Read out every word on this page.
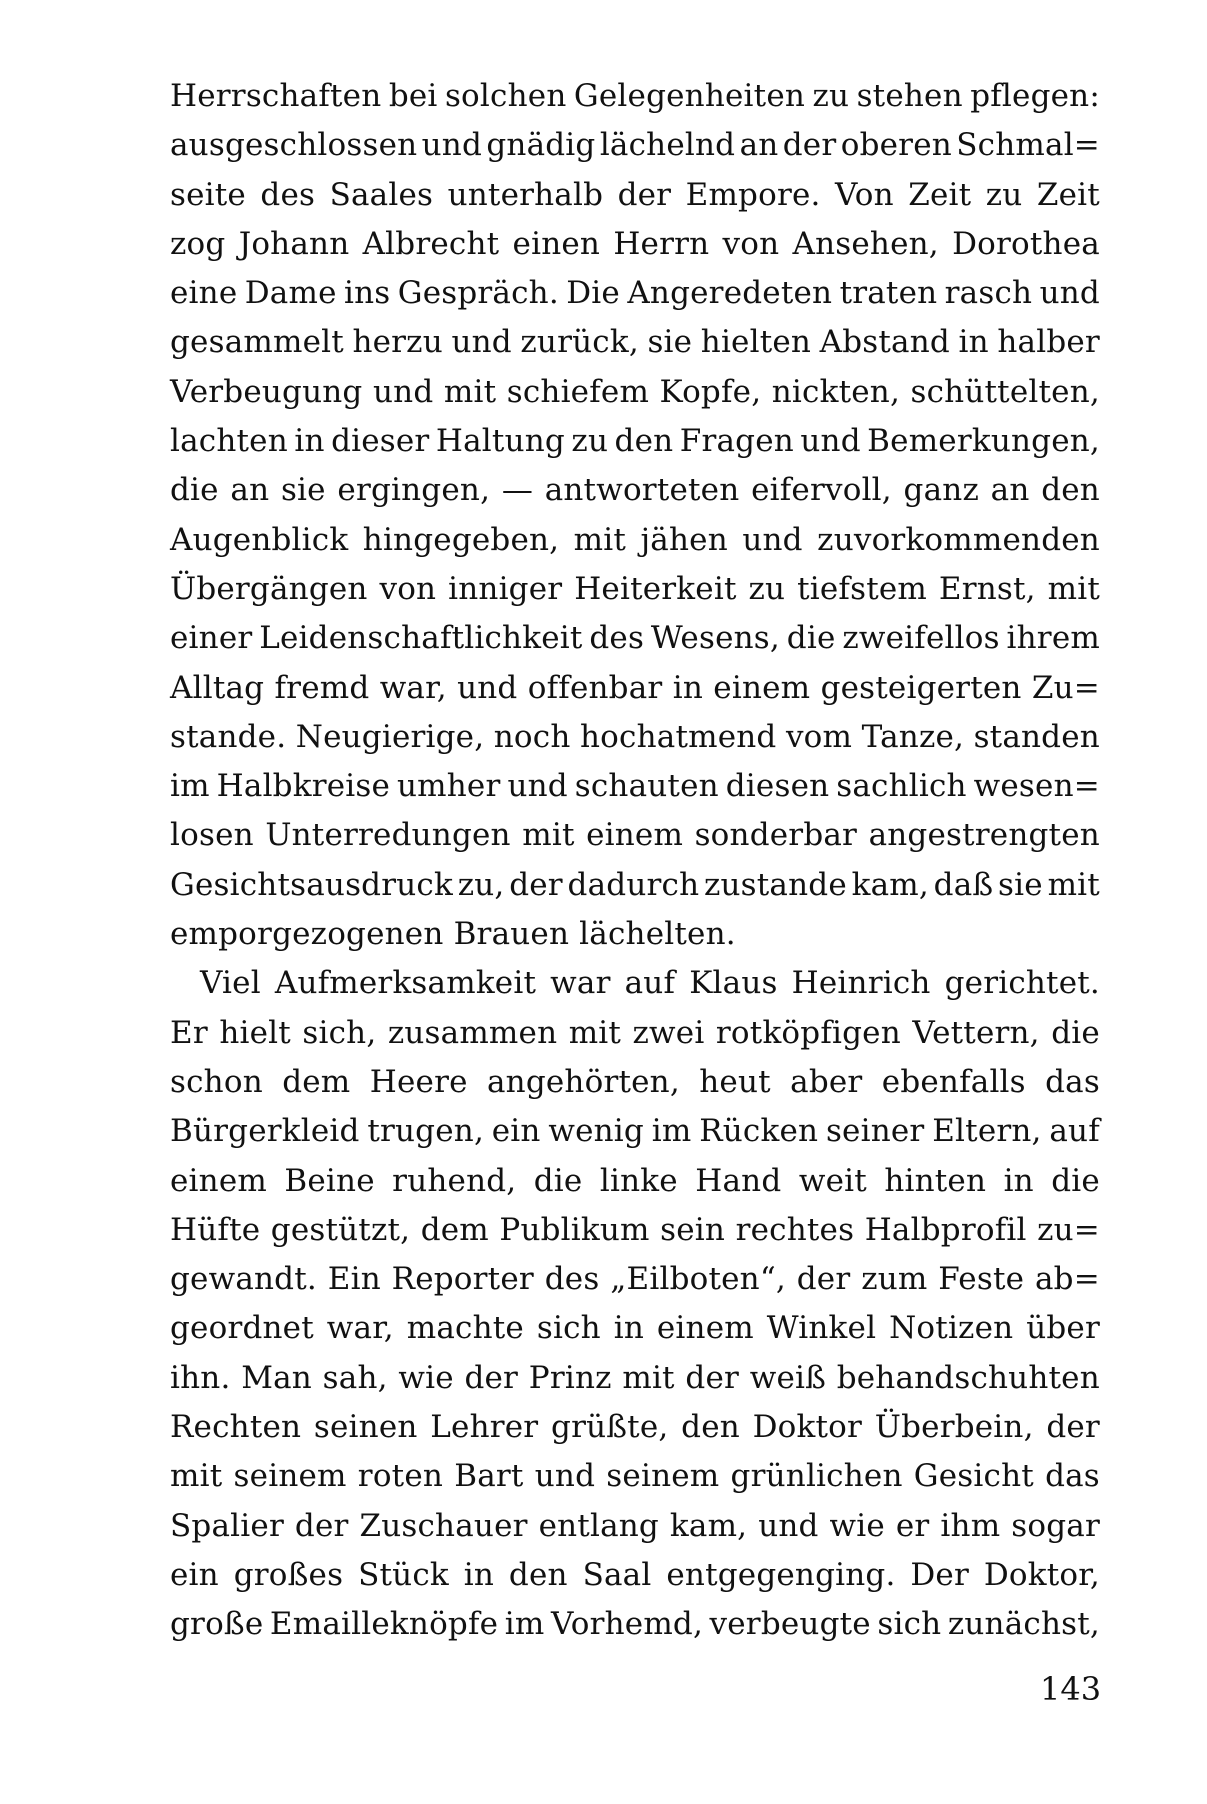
Herrschaften bei solchen Gelegenheiten zu stehen pflegen:
ausgeschlossen und gnädig lächelnd an der oberen Schmal=
seite des Saales unterhalb der Empore. Von Zeit zu Zeit
zog Johann Albrecht einen Herrn von Ansehen, Dorothea
eine Dame ins Gespräch. Die Angeredeten traten rasch und
gesammelt herzu und zurück, sie hielten Abstand in halber
Verbeugung und mit schiefem Kopfe, nickten, schüttelten,
lachten in dieser Haltung zu den Fragen und Bemerkungen,
die an sie ergingen, — antworteten eifervoll, ganz an den
Augenblick hingegeben, mit jähen und zuvorkommenden
Übergängen von inniger Heiterkeit zu tiefstem Ernst, mit
einer Leidenschaftlichkeit des Wesens, die zweifellos ihrem
Alltag fremd war, und offenbar in einem gesteigerten Zu=
stande. Neugierige, noch hochatmend vom Tanze, standen
im Halbkreise umher und schauten diesen sachlich wesen=
losen Unterredungen mit einem sonderbar angestrengten
Gesichtsausdruck zu, der dadurch zustande kam, daß sie mit
emporgezogenen Brauen lächelten.
Viel Aufmerksamkeit war auf Klaus Heinrich gerichtet.
Er hielt sich, zusammen mit zwei rotköpfigen Vettern, die
schon dem Heere angehörten, heut aber ebenfalls das
Bürgerkleid trugen, ein wenig im Rücken seiner Eltern, auf
einem Beine ruhend, die linke Hand weit hinten in die
Hüfte gestützt, dem Publikum sein rechtes Halbprofil zu=
gewandt. Ein Reporter des „Eilboten“, der zum Feste ab=
geordnet war, machte sich in einem Winkel Notizen über
ihn. Man sah, wie der Prinz mit der weiß behandschuhten
Rechten seinen Lehrer grüßte, den Doktor Überbein, der
mit seinem roten Bart und seinem grünlichen Gesicht das
Spalier der Zuschauer entlang kam, und wie er ihm sogar
ein großes Stück in den Saal entgegenging. Der Doktor,
große Emailleknöpfe im Vorhemd, verbeugte sich zunächst,
143
